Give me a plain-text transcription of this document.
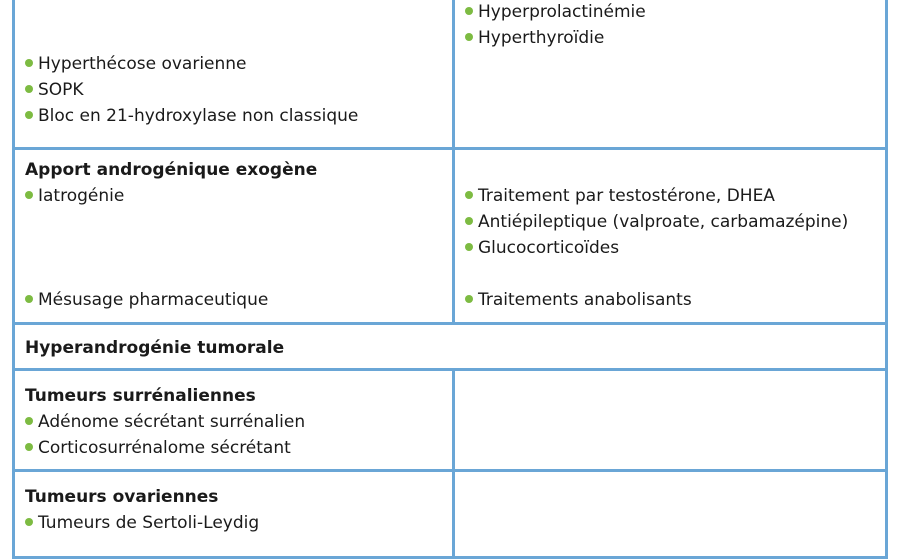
Hyperthécose ovarienne
SOPK
Bloc en 21-hydroxylase non classique
Hyperprolactinémie
Hyperthyroïdie
Apport androgénique exogène
Iatrogénie
Mésusage pharmaceutique
Traitement par testostérone, DHEA
Antiépileptique (valproate, carbamazépine)
Glucocorticoïdes
Traitements anabolisants
Hyperandrogénie tumorale
Tumeurs surrénaliennes
Adénome sécrétant surrénalien
Corticosurrénalome sécrétant
Tumeurs ovariennes
Tumeurs de Sertoli-Leydig
